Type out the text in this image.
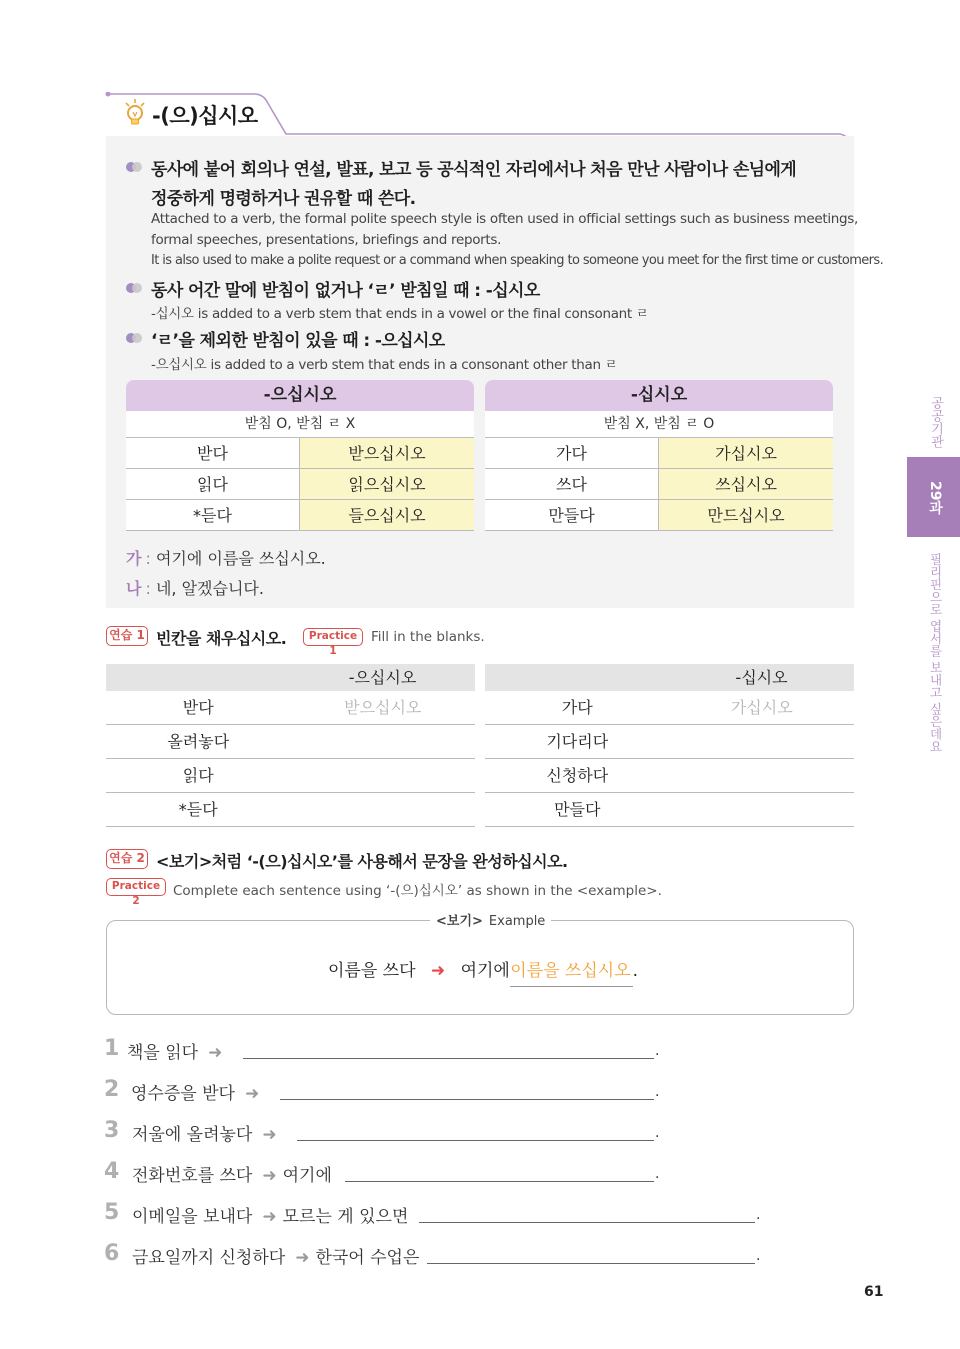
-(으)십시오
동사에 붙어 회의나 연설, 발표, 보고 등 공식적인 자리에서나 처음 만난 사람이나 손님에게
정중하게 명령하거나 권유할 때 쓴다.
Attached to a verb, the formal polite speech style is often used in official settings such as business meetings,
formal speeches, presentations, briefings and reports.
It is also used to make a polite request or a command when speaking to someone you meet for the first time or customers.
동사 어간 말에 받침이 없거나 ‘ㄹ’ 받침일 때 : -십시오
-십시오 is added to a verb stem that ends in a vowel or the final consonant ㄹ
‘ㄹ’을 제외한 받침이 있을 때 : -으십시오
-으십시오 is added to a verb stem that ends in a consonant other than ㄹ
-으십시오
받침 O, 받침 ㄹ X
받다	받으십시오
읽다	읽으십시오
*듣다	들으십시오
-십시오
받침 X, 받침 ㄹ O
가다	가십시오
쓰다	쓰십시오
만들다	만드십시오
가 : 여기에 이름을 쓰십시오.
나 : 네, 알겠습니다.
연습 1 빈칸을 채우십시오.	Practice 1
Fill in the blanks.
-으십시오
받다	받으십시오
올려놓다
읽다
*듣다
-십시오
가다	가십시오
기다리다
신청하다
만들다
연습 2 <보기>처럼 ‘-(으)십시오’를 사용해서 문장을 완성하십시오.
Practice 2
Complete each sentence using ‘-(으)십시오’ as shown in the <example>.
<보기> Example
이름을 쓰다 ➜ 여기에 이름을 쓰십시오 .
1 책을 읽다 ➜	.
2 영수증을 받다 ➜	.
3 저울에 올려놓다 ➜	.
4 전화번호를 쓰다 ➜ 여기에	.
5 이메일을 보내다 ➜ 모르는 게 있으면	.
6 금요일까지 신청하다 ➜ 한국어 수업은	.
공공기관
29과
필리핀으로 엽서를 보내고 싶은데요
61
